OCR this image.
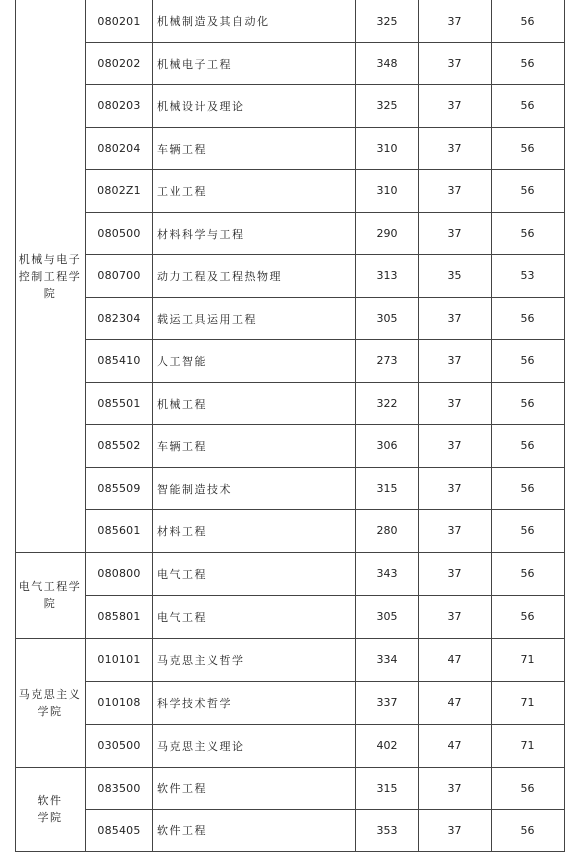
机械与电子
控制工程学
院
080201	机械制造及其自动化	325	37	56
080202	机械电子工程	348	37	56
080203	机械设计及理论	325	37	56
080204	车辆工程	310	37	56
0802Z1	工业工程	310	37	56
080500	材料科学与工程	290	37	56
080700	动力工程及工程热物理	313	35	53
082304	载运工具运用工程	305	37	56
085410	人工智能	273	37	56
085501	机械工程	322	37	56
085502	车辆工程	306	37	56
085509	智能制造技术	315	37	56
085601	材料工程	280	37	56
电气工程学
院
080800	电气工程	343	37	56
085801	电气工程	305	37	56
马克思主义
学院
010101	马克思主义哲学	334	47	71
010108	科学技术哲学	337	47	71
030500	马克思主义理论	402	47	71
软件
学院
083500	软件工程	315	37	56
085405	软件工程	353	37	56
